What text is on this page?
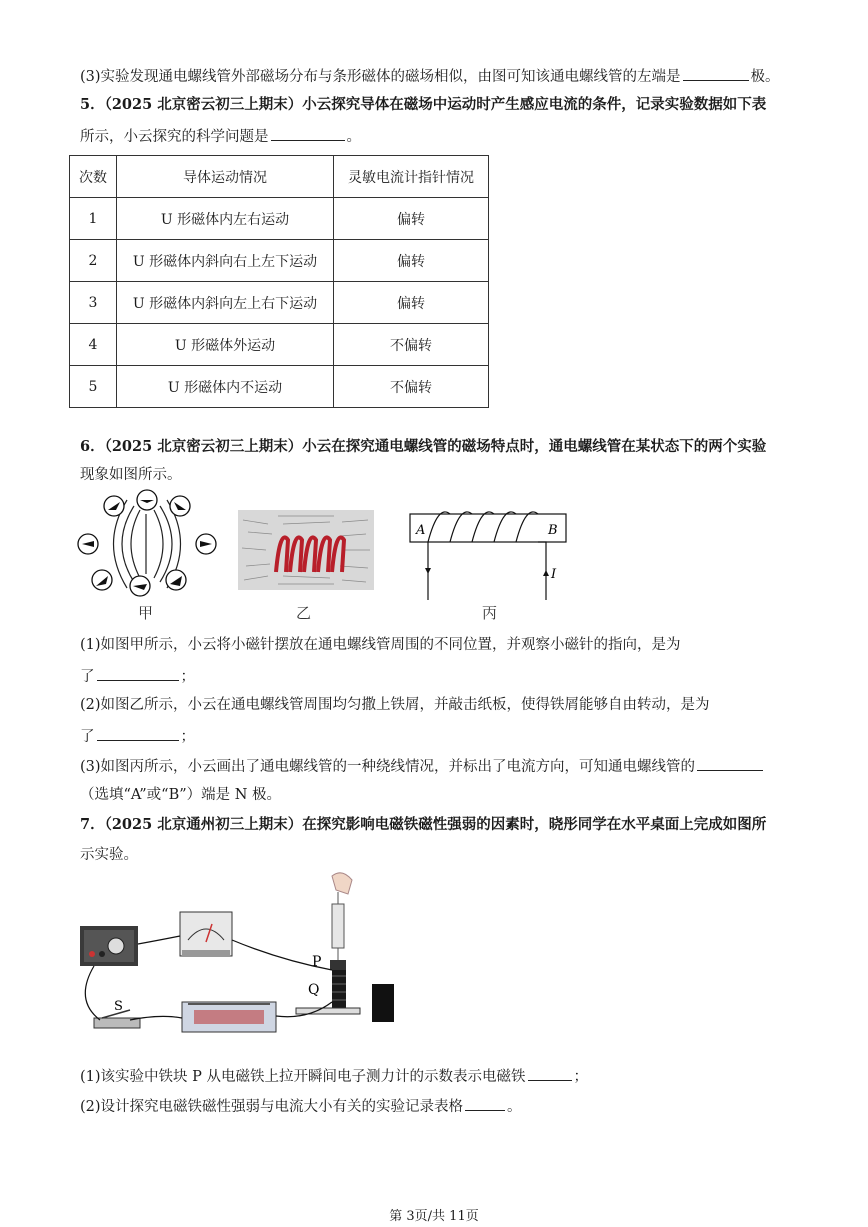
(3)实验发现通电螺线管外部磁场分布与条形磁体的磁场相似，由图可知该通电螺线管的左端是	极。
5．（2025 北京密云初三上期末）小云探究导体在磁场中运动时产生感应电流的条件，记录实验数据如下表
所示，小云探究的科学问题是	。
次数	导体运动情况	灵敏电流计指针情况
1	U 形磁体内左右运动	偏转
2	U 形磁体内斜向右上左下运动	偏转
3	U 形磁体内斜向左上右下运动	偏转
4	U 形磁体外运动	不偏转
5	U 形磁体内不运动	不偏转
6．（2025 北京密云初三上期末）小云在探究通电螺线管的磁场特点时，通电螺线管在某状态下的两个实验
现象如图所示。
甲	乙
A	B
I
丙
(1)如图甲所示，小云将小磁针摆放在通电螺线管周围的不同位置，并观察小磁针的指向，是为
了	；
(2)如图乙所示，小云在通电螺线管周围均匀撒上铁屑，并敲击纸板，使得铁屑能够自由转动，是为
了	；
(3)如图丙所示，小云画出了通电螺线管的一种绕线情况，并标出了电流方向，可知通电螺线管的
（选填“A”或“B”）端是 N 极。
7．（2025 北京通州初三上期末）在探究影响电磁铁磁性强弱的因素时，晓彤同学在水平桌面上完成如图所
示实验。
P
Q
S
(1)该实验中铁块 P 从电磁铁上拉开瞬间电子测力计的示数表示电磁铁	；
(2)设计探究电磁铁磁性强弱与电流大小有关的实验记录表格	。
第 3页/共 11页
